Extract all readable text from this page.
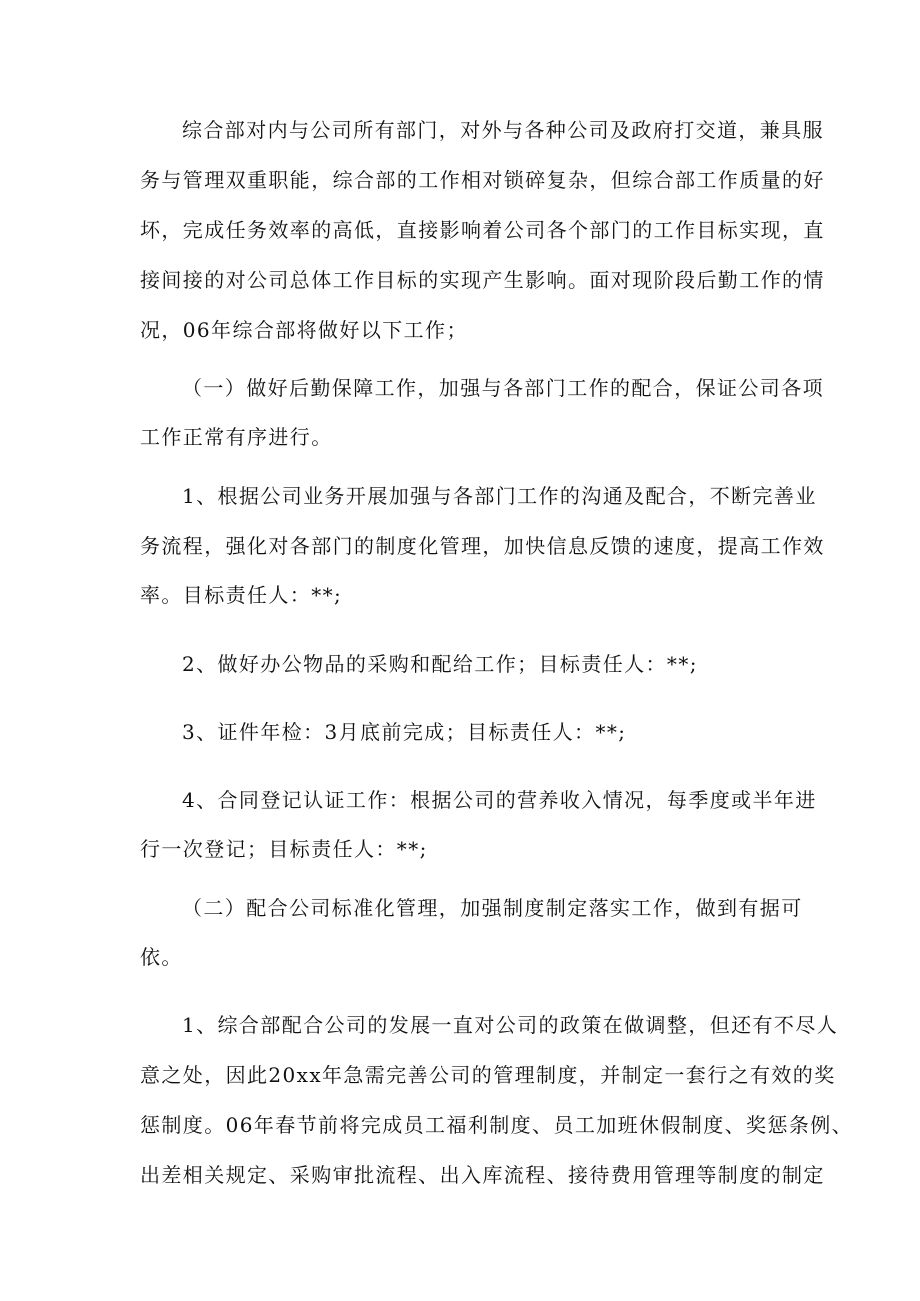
综合部对内与公司所有部门，对外与各种公司及政府打交道，兼具服
务与管理双重职能，综合部的工作相对锁碎复杂，但综合部工作质量的好
坏，完成任务效率的高低，直接影响着公司各个部门的工作目标实现，直
接间接的对公司总体工作目标的实现产生影响。面对现阶段后勤工作的情
况，06年综合部将做好以下工作；
（一）做好后勤保障工作，加强与各部门工作的配合，保证公司各项
工作正常有序进行。
1、根据公司业务开展加强与各部门工作的沟通及配合，不断完善业
务流程，强化对各部门的制度化管理，加快信息反馈的速度，提高工作效
率。目标责任人：**;
2、做好办公物品的采购和配给工作；目标责任人：**;
3、证件年检：3月底前完成；目标责任人：**;
4、合同登记认证工作：根据公司的营养收入情况，每季度或半年进
行一次登记；目标责任人：**;
（二）配合公司标准化管理，加强制度制定落实工作，做到有据可
依。
1、综合部配合公司的发展一直对公司的政策在做调整，但还有不尽人
意之处，因此20xx年急需完善公司的管理制度，并制定一套行之有效的奖
惩制度。06年春节前将完成员工福利制度、员工加班休假制度、奖惩条例、
出差相关规定、采购审批流程、出入库流程、接待费用管理等制度的制定
